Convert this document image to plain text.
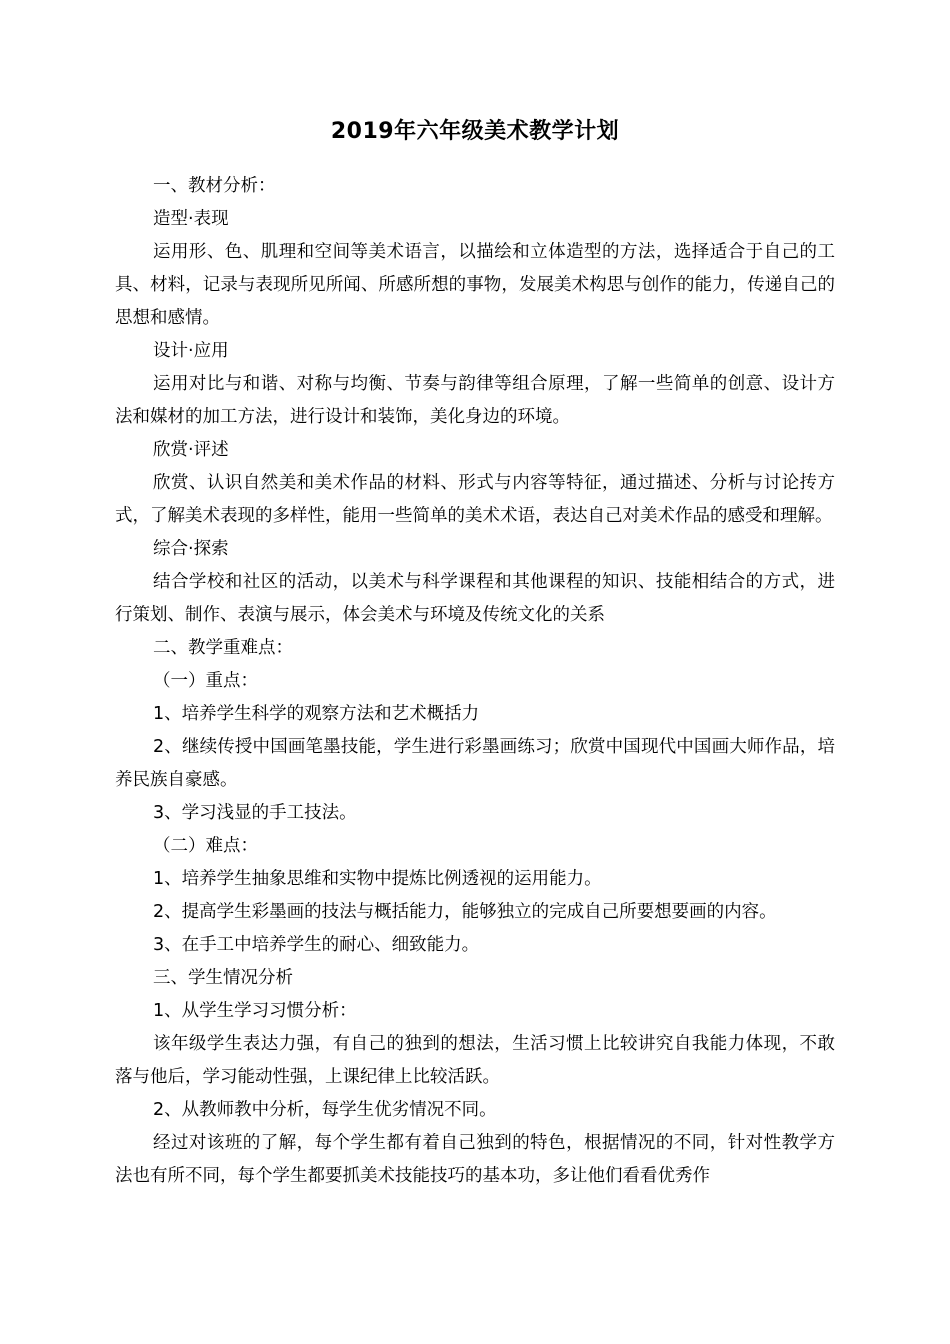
2019年六年级美术教学计划

一、教材分析：

造型·表现

运用形、色、肌理和空间等美术语言，以描绘和立体造型的方法，选择适合于自己的工具、材料，记录与表现所见所闻、所感所想的事物，发展美术构思与创作的能力，传递自己的思想和感情。

设计·应用

运用对比与和谐、对称与均衡、节奏与韵律等组合原理，了解一些简单的创意、设计方法和媒材的加工方法，进行设计和装饰，美化身边的环境。

欣赏·评述

欣赏、认识自然美和美术作品的材料、形式与内容等特征，通过描述、分析与讨论抟方式，了解美术表现的多样性，能用一些简单的美术术语，表达自己对美术作品的感受和理解。

综合·探索

结合学校和社区的活动，以美术与科学课程和其他课程的知识、技能相结合的方式，进行策划、制作、表演与展示，体会美术与环境及传统文化的关系

二、教学重难点：

（一）重点：

1、培养学生科学的观察方法和艺术概括力

2、继续传授中国画笔墨技能，学生进行彩墨画练习；欣赏中国现代中国画大师作品，培养民族自豪感。

3、学习浅显的手工技法。

（二）难点：

1、培养学生抽象思维和实物中提炼比例透视的运用能力。

2、提高学生彩墨画的技法与概括能力，能够独立的完成自己所要想要画的内容。

3、在手工中培养学生的耐心、细致能力。

三、学生情况分析

1、从学生学习习惯分析：

该年级学生表达力强，有自己的独到的想法，生活习惯上比较讲究自我能力体现，不敢落与他后，学习能动性强，上课纪律上比较活跃。

2、从教师教中分析，每学生优劣情况不同。

经过对该班的了解，每个学生都有着自己独到的特色，根据情况的不同，针对性教学方法也有所不同，每个学生都要抓美术技能技巧的基本功，多让他们看看优秀作
